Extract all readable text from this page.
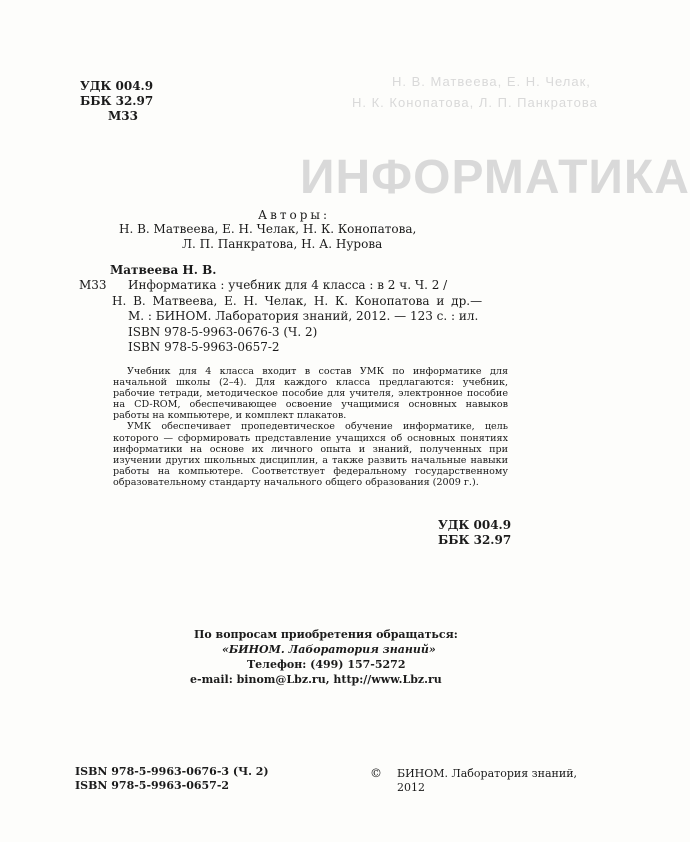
Н. В. Матвеева, Е. Н. Челак,
Н. К. Конопатова, Л. П. Панкратова
ИНФОРМАТИКА
УДК 004.9
ББК 32.97
М33
Авторы:
Н. В. Матвеева, Е. Н. Челак, Н. К. Конопатова,
Л. П. Панкратова, Н. А. Нурова
Матвеева Н. В.
М33 Информатика : учебник для 4 класса : в 2 ч. Ч. 2 /
Н. В. Матвеева, Е. Н. Челак, Н. К. Конопатова и др.—
М. : БИНОМ. Лаборатория знаний, 2012. — 123 с. : ил.
ISBN 978-5-9963-0676-3 (Ч. 2)
ISBN 978-5-9963-0657-2

Учебник для 4 класса входит в состав УМК по информатике для начальной школы (2–4). Для каждого класса предлагаются: учебник, рабочие тетради, методическое пособие для учителя, электронное пособие на CD-ROM, обеспечивающее освоение учащимися основных навыков работы на компьютере, и комплект плакатов.

УМК обеспечивает пропедевтическое обучение информатике, цель которого — сформировать представление учащихся об основных понятиях информатики на основе их личного опыта и знаний, полученных при изучении других школьных дисциплин, а также развить начальные навыки работы на компьютере. Соответствует федеральному государственному образовательному стандарту начального общего образования (2009 г.).

УДК 004.9
ББК 32.97
По вопросам приобретения обращаться:
«БИНОМ. Лаборатория знаний»
Телефон: (499) 157-5272
e-mail: binom@Lbz.ru, http://www.Lbz.ru
ISBN 978-5-9963-0676-3 (Ч. 2)
ISBN 978-5-9963-0657-2
© БИНОМ. Лаборатория знаний,
2012
